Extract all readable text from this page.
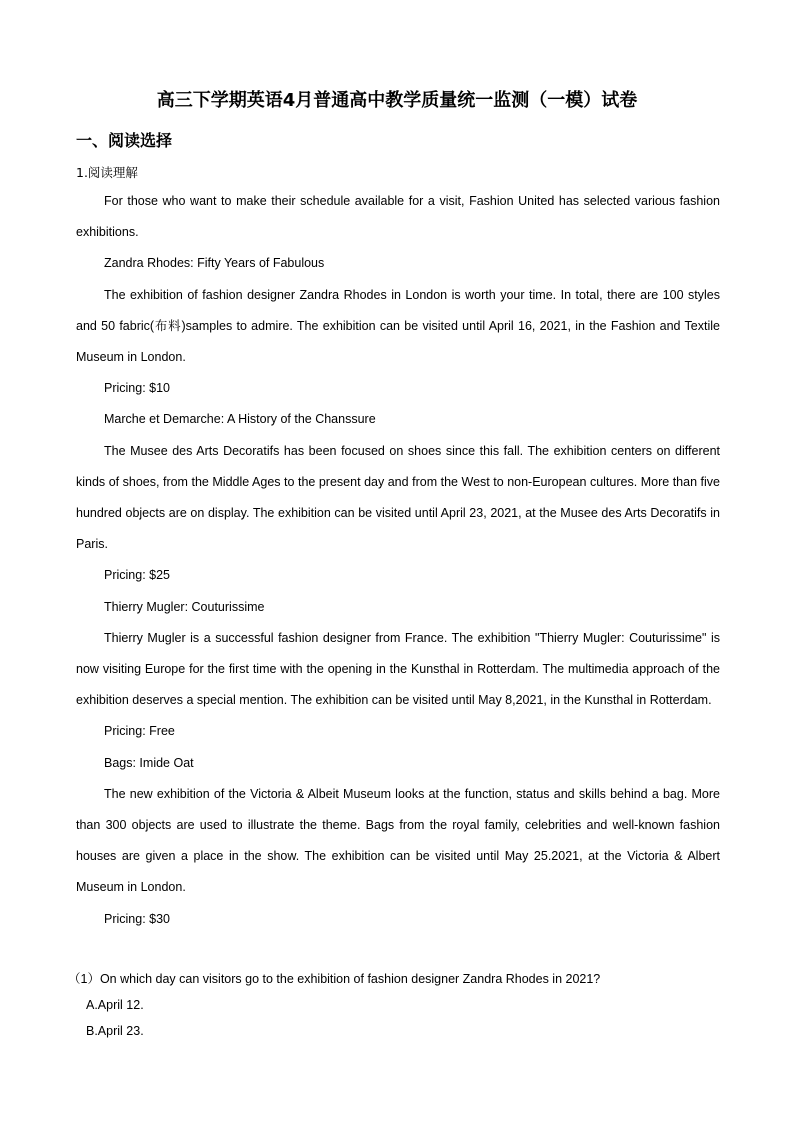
高三下学期英语4月普通高中教学质量统一监测（一模）试卷
一、阅读选择
1.阅读理解

For those who want to make their schedule available for a visit, Fashion United has selected various fashion exhibitions.

Zandra Rhodes: Fifty Years of Fabulous

The exhibition of fashion designer Zandra Rhodes in London is worth your time. In total, there are 100 styles and 50 fabric(布料)samples to admire. The exhibition can be visited until April 16, 2021, in the Fashion and Textile Museum in London.

Pricing: $10

Marche et Demarche: A History of the Chanssure

The Musee des Arts Decoratifs has been focused on shoes since this fall. The exhibition centers on different kinds of shoes, from the Middle Ages to the present day and from the West to non-European cultures. More than five hundred objects are on display. The exhibition can be visited until April 23, 2021, at the Musee des Arts Decoratifs in Paris.

Pricing: $25

Thierry Mugler: Couturissime

Thierry Mugler is a successful fashion designer from France. The exhibition "Thierry Mugler: Couturissime" is now visiting Europe for the first time with the opening in the Kunsthal in Rotterdam. The multimedia approach of the exhibition deserves a special mention. The exhibition can be visited until May 8,2021, in the Kunsthal in Rotterdam.

Pricing: Free

Bags: Imide Oat

The new exhibition of the Victoria & Albeit Museum looks at the function, status and skills behind a bag. More than 300 objects are used to illustrate the theme. Bags from the royal family, celebrities and well-known fashion houses are given a place in the show. The exhibition can be visited until May 25.2021, at the Victoria & Albert Museum in London.

Pricing: $30

（1）On which day can visitors go to the exhibition of fashion designer Zandra Rhodes in 2021?

A.April 12.

B.April 23.
